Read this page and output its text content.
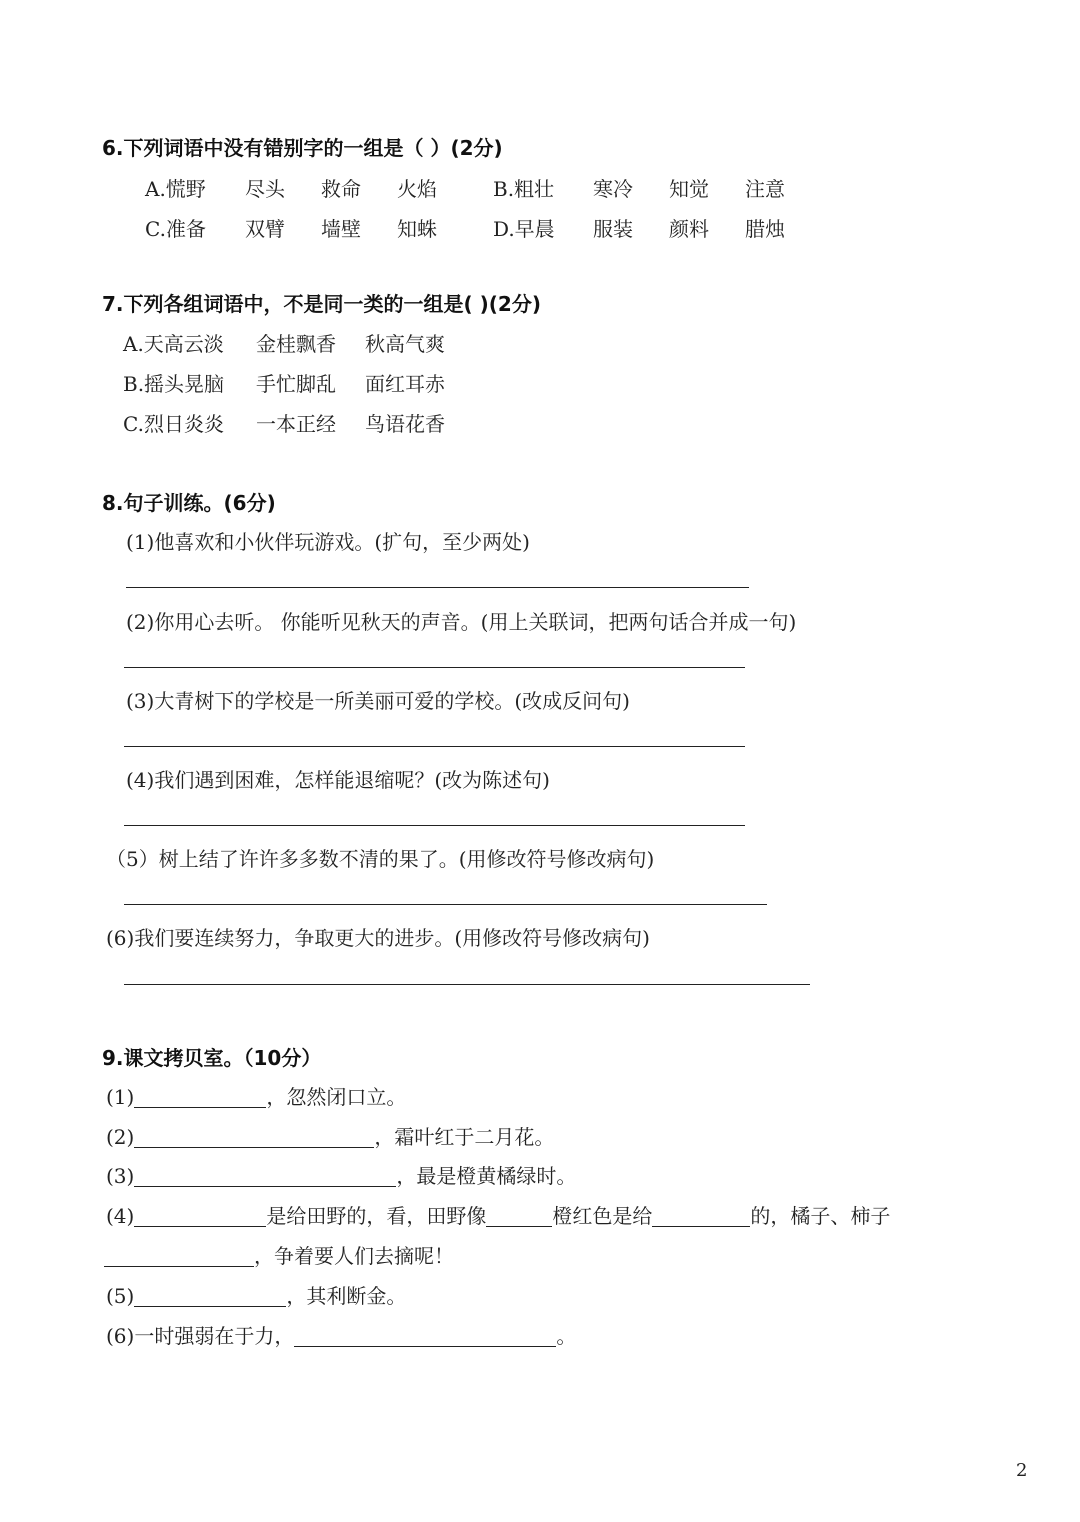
6.下列词语中没有错别字的一组是（ ）(2分)
A.慌野 尽头 救命 火焰	B.粗壮 寒冷 知觉 注意
C.准备 双臂 墙壁 知蛛	D.早晨 服装 颜料 腊烛
7.下列各组词语中，不是同一类的一组是( )(2分)
A.天高云淡 金桂飘香 秋高气爽
B.摇头晃脑 手忙脚乱 面红耳赤
C.烈日炎炎 一本正经 鸟语花香
8.句子训练。(6分)
(1)他喜欢和小伙伴玩游戏。(扩句，至少两处)
(2)你用心去听。 你能听见秋天的声音。(用上关联词，把两句话合并成一句)
(3)大青树下的学校是一所美丽可爱的学校。(改成反问句)
(4)我们遇到困难，怎样能退缩呢？(改为陈述句)
（5）树上结了许许多多数不清的果了。(用修改符号修改病句)
(6)我们要连续努力，争取更大的进步。(用修改符号修改病句)
9.课文拷贝室。（10分）
(1)	，忽然闭口立。
(2)	，霜叶红于二月花。
(3)	，最是橙黄橘绿时。
(4)	是给田野的，看，田野像	橙红色是给	的，橘子、柿子
，争着要人们去摘呢！
(5)	，其利断金。
(6)一时强弱在于力，	。
2
